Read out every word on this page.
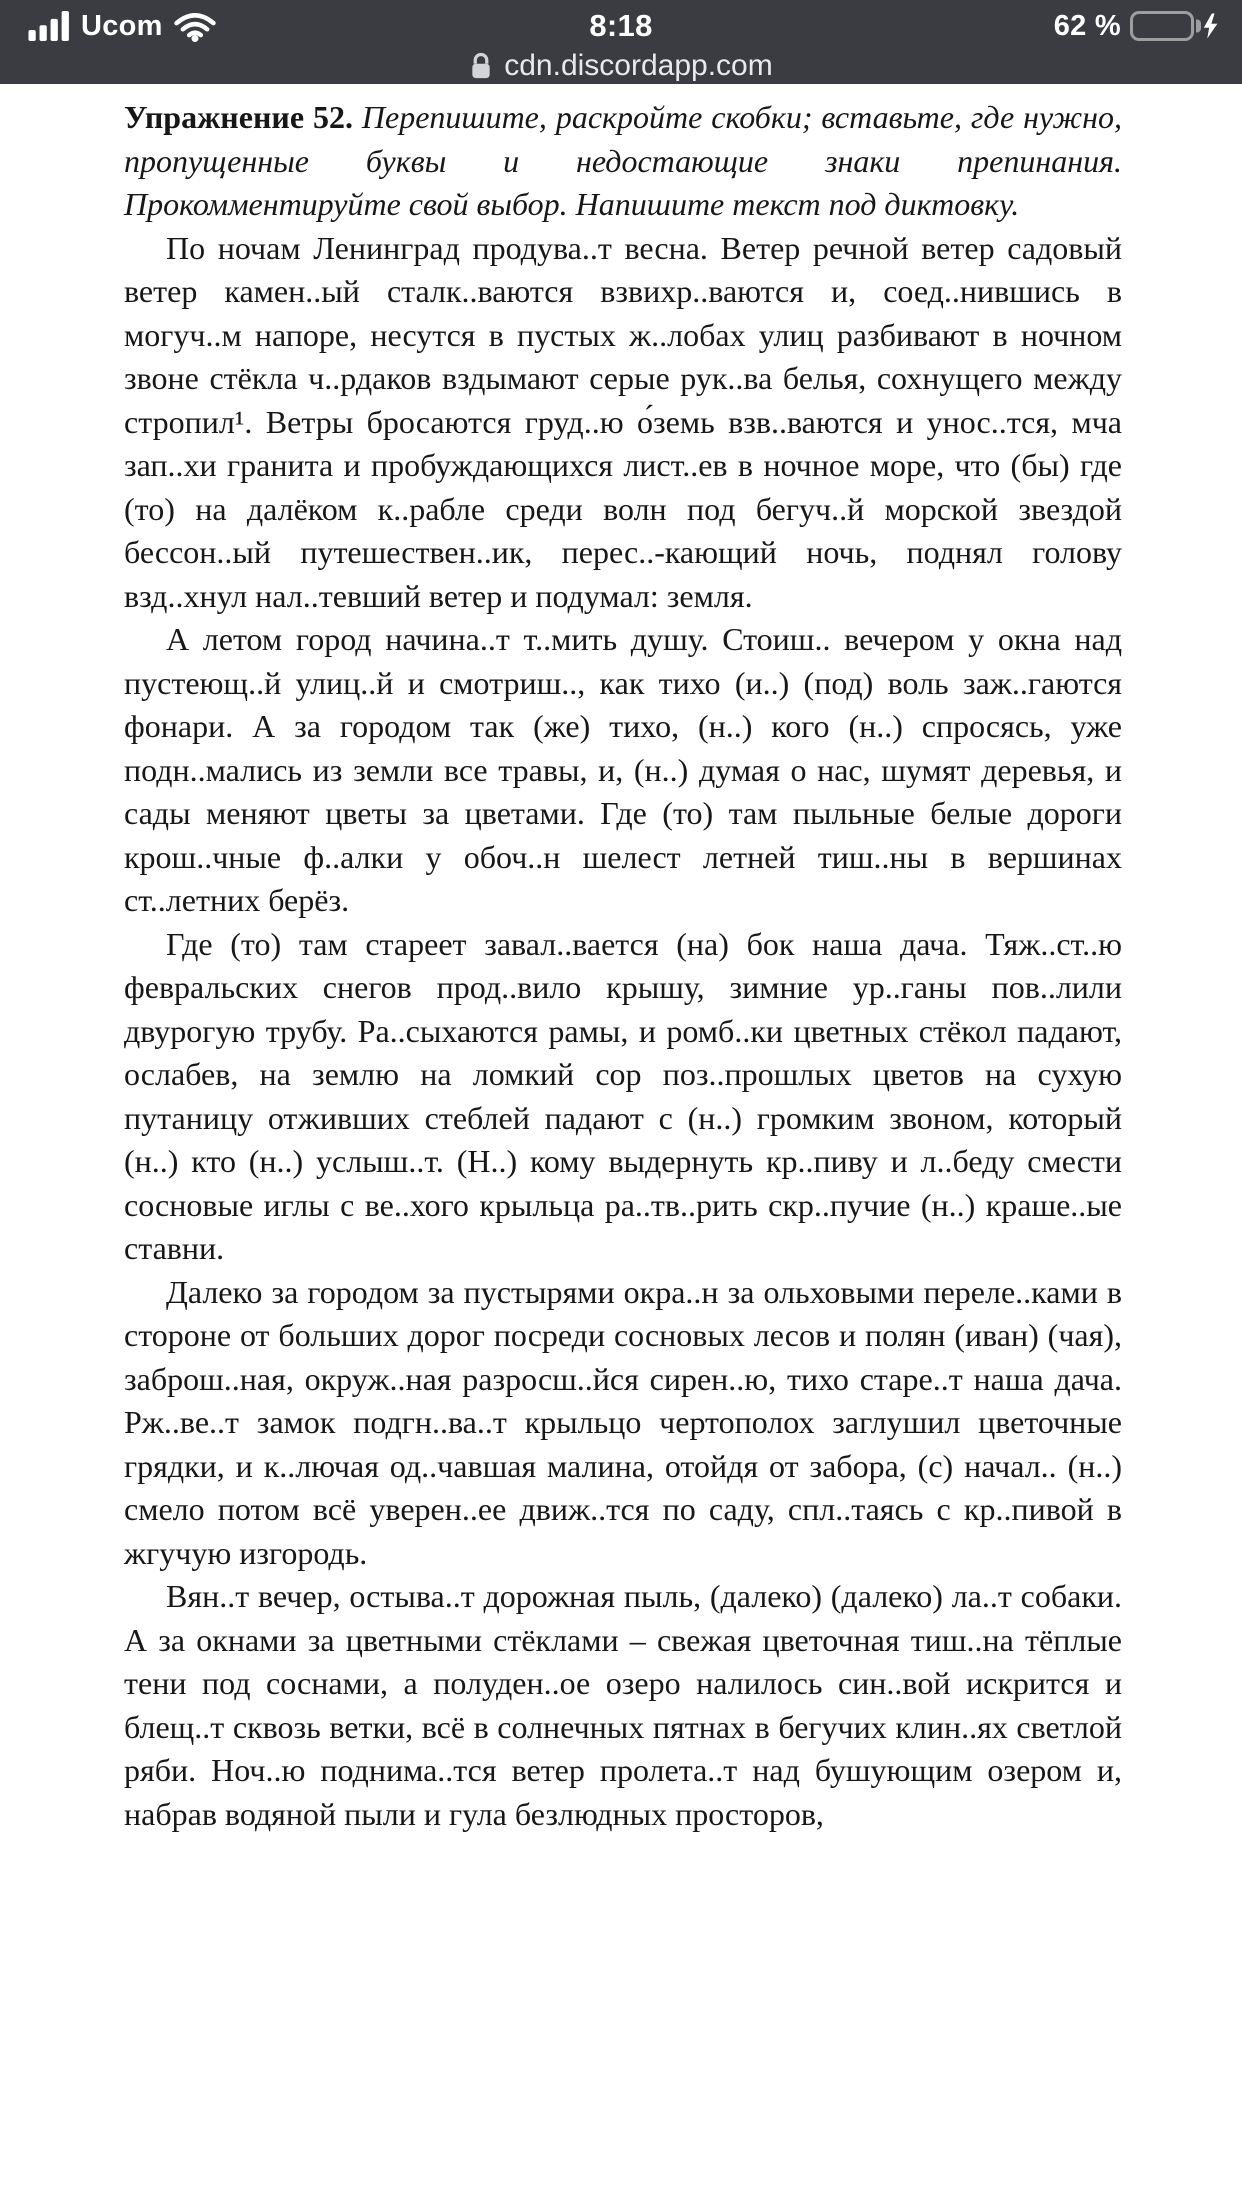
Ucom	8:18	62 %
cdn.discordapp.com

Упражнение 52. Перепишите, раскройте скобки; вставьте, где нужно, пропущенные буквы и недостающие знаки препинания. Прокомментируйте свой выбор. Напишите текст под диктовку.

По ночам Ленинград продува..т весна. Ветер речной ветер садовый ветер камен..ый сталк..ваются взвихр..ваются и, соед..нившись в могуч..м напоре, несутся в пустых ж..лобах улиц разбивают в ночном звоне стёкла ч..рдаков вздымают серые рук..ва белья, сохнущего между стропил¹. Ветры бросаются груд..ю о́земь взв..ваются и унос..тся, мча зап..хи гранита и пробуждающихся лист..ев в ночное море, что (бы) где (то) на далёком к..рабле среди волн под бегуч..й морской звездой бессон..ый путешествен..ик, перес..-кающий ночь, поднял голову взд..хнул нал..тевший ветер и подумал: земля.

А летом город начина..т т..мить душу. Стоиш.. вечером у окна над пустеющ..й улиц..й и смотриш.., как тихо (и..) (под) воль заж..гаются фонари. А за городом так (же) тихо, (н..) кого (н..) спросясь, уже подн..мались из земли все травы, и, (н..) думая о нас, шумят деревья, и сады меняют цветы за цветами. Где (то) там пыльные белые дороги крош..чные ф..алки у обоч..н шелест летней тиш..ны в вершинах ст..летних берёз.

Где (то) там стареет завал..вается (на) бок наша дача. Тяж..ст..ю февральских снегов прод..вило крышу, зимние ур..ганы пов..лили двурогую трубу. Ра..сыхаются рамы, и ромб..ки цветных стёкол падают, ослабев, на землю на ломкий сор поз..прошлых цветов на сухую путаницу отживших стеблей падают с (н..) громким звоном, который (н..) кто (н..) услыш..т. (Н..) кому выдернуть кр..пиву и л..беду смести сосновые иглы с ве..хого крыльца ра..тв..рить скр..пучие (н..) краше..ые ставни.

Далеко за городом за пустырями окра..н за ольховыми переле..ками в стороне от больших дорог посреди сосновых лесов и полян (иван) (чая), заброш..ная, окруж..ная разросш..йся сирен..ю, тихо старе..т наша дача. Рж..ве..т замок подгн..ва..т крыльцо чертополох заглушил цветочные грядки, и к..лючая од..чавшая малина, отойдя от забора, (с) начал.. (н..) смело потом всё уверен..ее движ..тся по саду, спл..таясь с кр..пивой в жгучую изгородь.

Вян..т вечер, остыва..т дорожная пыль, (далеко) (далеко) ла..т собаки. А за окнами за цветными стёклами – свежая цветочная тиш..на тёплые тени под соснами, а полуден..ое озеро налилось син..вой искрится и блещ..т сквозь ветки, всё в солнечных пятнах в бегучих клин..ях светлой ряби. Ноч..ю поднима..тся ветер пролета..т над бушующим озером и, набрав водяной пыли и гула безлюдных просторов,
